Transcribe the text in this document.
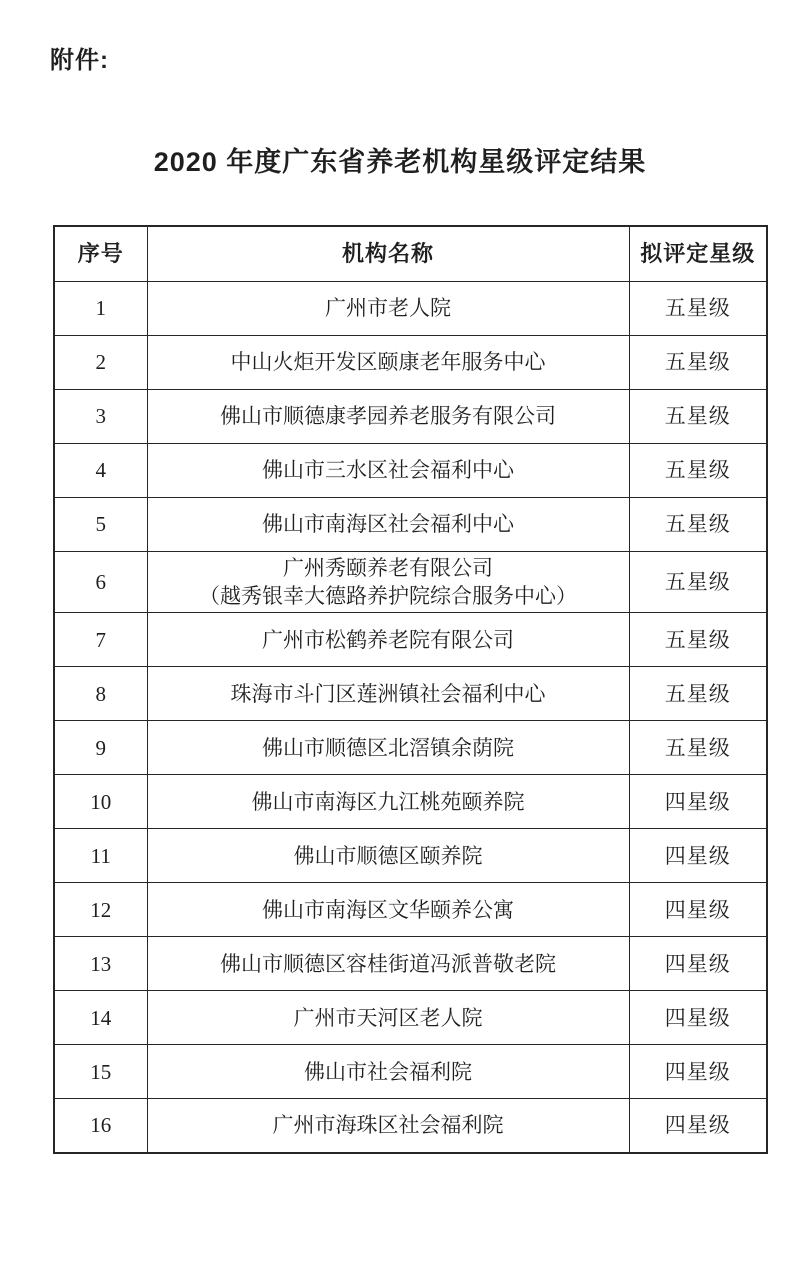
附件:
2020 年度广东省养老机构星级评定结果
序号	机构名称	拟评定星级
1	广州市老人院	五星级
2	中山火炬开发区颐康老年服务中心	五星级
3	佛山市顺德康孝园养老服务有限公司	五星级
4	佛山市三水区社会福利中心	五星级
5	佛山市南海区社会福利中心	五星级
6	广州秀颐养老有限公司
（越秀银幸大德路养护院综合服务中心）	五星级
7	广州市松鹤养老院有限公司	五星级
8	珠海市斗门区莲洲镇社会福利中心	五星级
9	佛山市顺德区北滘镇余荫院	五星级
10	佛山市南海区九江桃苑颐养院	四星级
11	佛山市顺德区颐养院	四星级
12	佛山市南海区文华颐养公寓	四星级
13	佛山市顺德区容桂街道冯派普敬老院	四星级
14	广州市天河区老人院	四星级
15	佛山市社会福利院	四星级
16	广州市海珠区社会福利院	四星级
